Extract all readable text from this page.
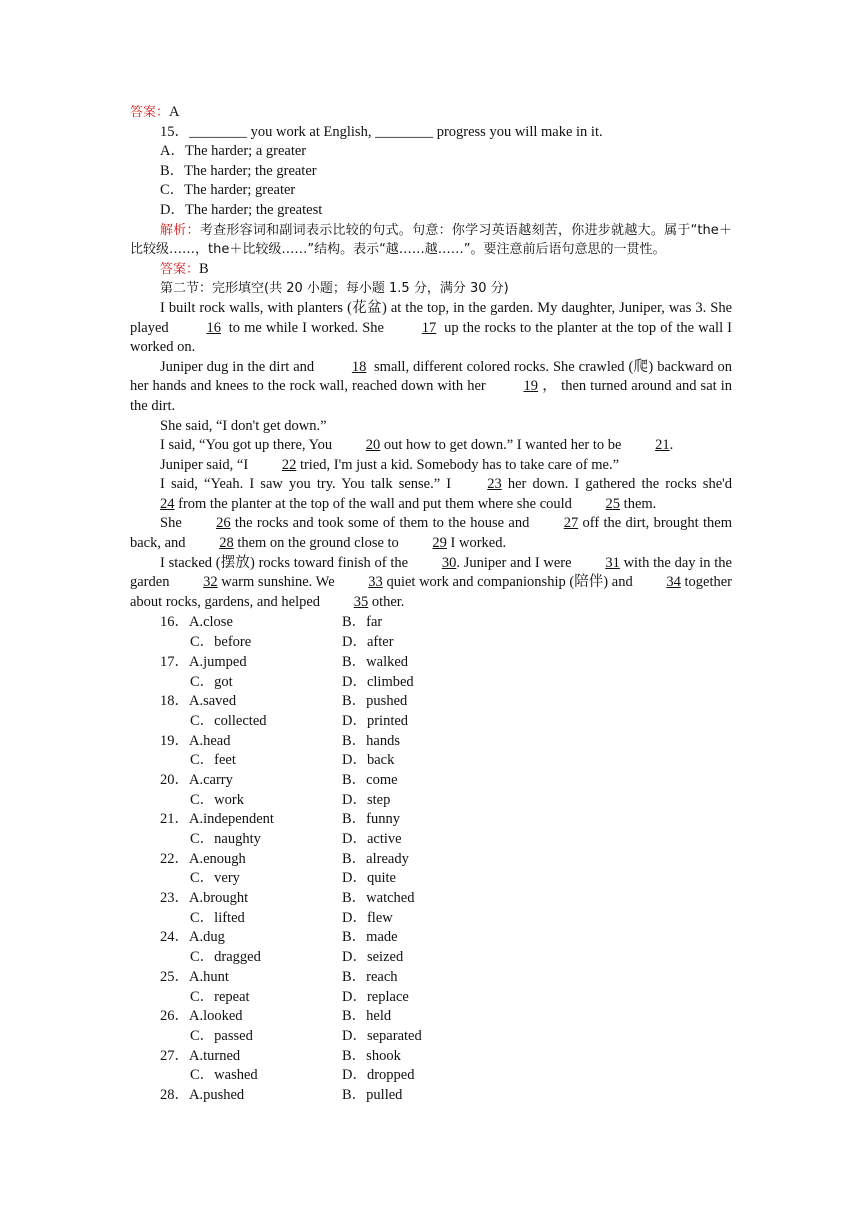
答案：A

15．________ you work at English, ________ progress you will make in it.

A．The harder; a greater

B．The harder; the greater

C．The harder; greater

D．The harder; the greatest

解析：考查形容词和副词表示比较的句式。句意：你学习英语越刻苦，你进步就越大。属于“the＋比较级……，the＋比较级……”结构。表示“越……越……”。要注意前后语句意思的一贯性。

答案：B

第二节：完形填空(共 20 小题；每小题 1.5 分，满分 30 分)

I built rock walls, with planters (花盆) at the top, in the garden. My daughter, Juniper, was 3. She played 16 to me while I worked. She 17 up the rocks to the planter at the top of the wall I worked on.

Juniper dug in the dirt and 18 small, different colored rocks. She crawled (爬) backward on her hands and knees to the rock wall, reached down with her 19 ， then turned around and sat in the dirt.

She said, “I don't get down.”

I said, “You got up there, You 20 out how to get down.” I wanted her to be 21.

Juniper said, “I 22 tried, I'm just a kid. Somebody has to take care of me.”

I said, “Yeah. I saw you try. You talk sense.” I 23 her down. I gathered the rocks she'd 24 from the planter at the top of the wall and put them where she could 25 them.

She 26 the rocks and took some of them to the house and 27 off the dirt, brought them back, and 28 them on the ground close to 29 I worked.

I stacked (摆放) rocks toward finish of the 30. Juniper and I were 31 with the day in the garden 32 warm sunshine. We 33 quiet work and companionship (陪伴) and 34 together about rocks, gardens, and helped 35 other.

16．A.close	B．far
C．before	D．after
17．A.jumped	B．walked
C．got	D．climbed
18．A.saved	B．pushed
C．collected	D．printed
19．A.head	B．hands
C．feet	D．back
20．A.carry	B．come
C．work	D．step
21．A.independent	B．funny
C．naughty	D．active
22．A.enough	B．already
C．very	D．quite
23．A.brought	B．watched
C．lifted	D．flew
24．A.dug	B．made
C．dragged	D．seized
25．A.hunt	B．reach
C．repeat	D．replace
26．A.looked	B．held
C．passed	D．separated
27．A.turned	B．shook
C．washed	D．dropped
28．A.pushed	B．pulled
